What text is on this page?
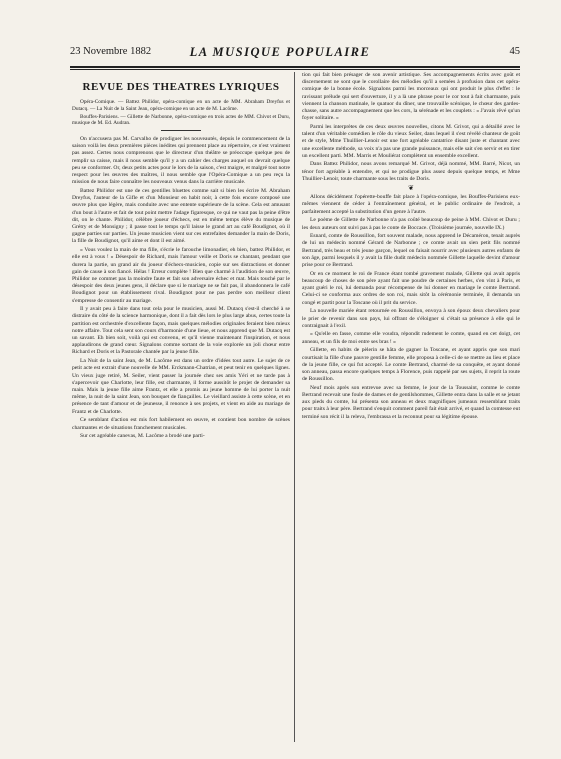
23 Novembre 1882	LA MUSIQUE POPULAIRE	45
REVUE DES THEATRES LYRIQUES

Opéra-Comique. — Battez Philidor, opéra-comique en un acte de MM. Abraham Dreyfus et Dutacq. — La Nuit de la Saint Jean, opéra-comique en un acte de M. Lacôme.

Bouffes-Parisiens. — Gillette de Narbonne, opéra-comique en trois actes de MM. Chivot et Duru, musique de M. Ed. Audran.

On n'accusera pas M. Carvalho de prodiguer les nouveautés, depuis le commencement de la saison voilà les deux premières pièces inédites qui prennent place au répertoire, ce n'est vraiment pas assez. Certes nous comprenons que le directeur d'un théâtre se préoccupe quelque peu de remplir sa caisse, mais il nous semble qu'il y a un cahier des charges auquel on devrait quelque peu se conformer. Or, deux petits actes pour le lors de la saison, c'est maigre, et malgré tout notre respect pour les œuvres des maîtres, il nous semble que l'Opéra-Comique a un peu reçu la mission de nous faire connaître les nouveaux venus dans la carrière musicale.

Battez Philidor est une de ces gentilles bluettes comme sait si bien les écrire M. Abraham Dreyfus, l'auteur de la Gifle et d'un Monsieur en habit noir, à cette fois encore composé une œuvre plus que légère, mais conduite avec une entente supérieure de la scène. Cela est amusant d'un bout à l'autre et fait de tout point mettre l'adage figaresque, ce qui ne vaut pas la peine d'être dit, on le chante. Philidor, célèbre joueur d'échecs, est en même temps élève du musique de Grétry et de Monsigny ; il passe tout le temps qu'il laisse le grand art au café Boudignot, où il gagne parties sur parties. Un jeune musicien vient sur ces entrefaites demander la main de Doris, la fille de Boudignot, qu'il aime et dont il est aimé.

« Vous voulez la main de ma fille, s'écrie le farouche limonadier, eh bien, battez Philidor, et elle est à vous ! » Désespoir de Richard, mais l'amour veille et Doris se chantant, pendant que durera la partie, un grand air du joueur d'échecs-musicien, copie sur ses distractions et donner gain de cause à son fiancé. Hélas ! Erreur complète ! Bien que charmé à l'audition de son œuvre, Philidor ne commet pas la moindre faute et fait son adversaire échec et mat. Mais touché par le désespoir des deux jeunes gens, il déclare que si le mariage ne se fait pas, il abandonnera le café Boudignot pour un établissement rival. Boudignot pour ne pas perdre son meilleur client s'empresse de consentir au mariage.

Il y avait peu à faire dans tout cela pour le musicien, aussi M. Dutacq s'est-il cherché à se distraire du côté de la science harmonique, dont il a fait dès lors le plus large abus, certes toute la partition est orchestrée d'excellente façon, mais quelques mélodies originales feraient bien mieux notre affaire. Tout cela sent son cours d'harmonie d'une lieue, et nous apprend que M. Dutacq est un savant. Eh bien soit, voilà qui est convenu, et qu'il vienne maintenant l'inspiration, et nous applaudirons de grand cœur. Signalons comme sortant de la voie explorée un joli chœur entre Richard et Doris et la Pastorale chantée par la jeune fille.

La Nuit de la saint Jean, de M. Lacôme est dans un ordre d'idées tout autre. Le sujet de ce petit acte est extrait d'une nouvelle de MM. Erckmann-Chatrian, et peut tenir en quelques lignes. Un vieux juge retiré, M. Seiler, vient passer la journée chez ses amis Yéri et ne tarde pas à s'apercevoir que Charlotte, leur fille, est charmante, il forme aussitôt le projet de demander sa main. Mais la jeune fille aime Frantz, et elle a promis au jeune homme de lui porter la nuit même, la nuit de la saint Jean, son bouquet de fiançailles. Le vieillard assiste à cette scène, et en présence de tant d'amour et de jeunesse, il renonce à ses projets, et vient en aide au mariage de Frantz et de Charlotte.

Ce semblant d'action est mis fort habilement en œuvre, et contient bon nombre de scènes charmantes et de situations franchement musicales.

Sur cet agréable canevas, M. Lacôme a brodé une parti-

tion qui fait bien présager de son avenir artistique. Ses accompagnements écrits avec goût et discernement ne sont que le corollaire des mélodies qu'il a semées à profusion dans cet opéra-comique de la bonne école. Signalons parmi les morceaux qui ont produit le plus d'effet : le ravissant prélude qui sert d'ouverture, il y a là une phrase pour le cor tout à fait charmante, puis viennent la chanson matinale, le quatuor du dîner, une trouvaille scénique, le chœur des gardes-chasse, sans autre accompagnement que les cors, la sérénade et les couplets : « J'avais rêvé qu'un foyer solitaire. »

Parmi les interprètes de ces deux œuvres nouvelles, citons M. Grivot, qui a détaillé avec le talent d'un véritable comédien le rôle du vieux Seiler, dans lequel il s'est révélé chanteur de goût et de style, Mme Thuillier-Lenoir est une fort agréable cantatrice disant juste et chantant avec une excellente méthode, sa voix n'a pas une grande puissance, mais elle sait s'en servir et en tirer un excellent parti. MM. Marris et Mouliérat complètent un ensemble excellent.

Dans Battez Philidor, nous avons remarqué M. Grivot, déjà nommé, MM. Barré, Nicot, un ténor fort agréable à entendre, et qui ne prodigue plus assez depuis quelque temps, et Mme Thuillier-Lenoir, toute charmante sous les traits de Doris.

❦

Allons décidément l'opérette-bouffe fait place à l'opéra-comique, les Bouffes-Parisiens eux-mêmes viennent de céder à l'entraînement général, et le public ordinaire de l'endroit, a parfaitement accepté la substitution d'un genre à l'autre.

Le poème de Gillette de Narbonne n'a pas coûté beaucoup de peine à MM. Chivot et Duru ; les deux auteurs ont suivi pas à pas le conte de Boccace. (Troisième journée, nouvelle IX.)

Esnard, comte de Roussillon, fort souvent malade, nous apprend le Décaméron, tenait auprès de lui un médecin nommé Gérard de Narbonne ; ce comte avait un sien petit fils nommé Bertrand, très beau et très jeune garçon, lequel on faisait nourrir avec plusieurs autres enfants de son âge, parmi lesquels il y avait la fille dudit médecin nommée Gillette laquelle devint d'amour prise pour ce Bertrand.

Or en ce moment le roi de France étant tombé gravement malade, Gillette qui avait appris beaucoup de choses de son père ayant fait une poudre de certaines herbes, s'en vint à Paris, et ayant guéri le roi, lui demanda pour récompense de lui donner en mariage le comte Bertrand. Celui-ci se conforma aux ordres de son roi, mais sitôt la cérémonie terminée, il demanda un congé et partit pour la Toscane où il prit du service.

La nouvelle mariée étant retournée en Roussillon, envoya à son époux deux chevaliers pour le prier de revenir dans son pays, lui offrant de s'éloigner si c'était sa présence à elle qui le contraignait à l'exil.

« Qu'elle en fasse, comme elle voudra, répondit rudement le comte, quand en cet doigt, cet anneau, et un fils de moi entre ses bras ! »

Gillette, en habits de pèlerin se hâta de gagner la Toscane, et ayant appris que son mari courtisait la fille d'une pauvre gentille femme, elle proposa à celle-ci de se mettre au lieu et place de la jeune fille, ce qui fut accepté. Le comte Bertrand, charmé de sa conquête, et ayant donné son anneau, passa encore quelques temps à Florence, puis rappelé par ses sujets, il reprit la route de Roussillon.

Neuf mois après son entrevue avec sa femme, le jour de la Toussaint, comme le comte Bertrand recevait une foule de dames et de gentilshommes, Gillette entra dans la salle et se jetant aux pieds du comte, lui présenta son anneau et deux magnifiques jumeaux ressemblant traits pour traits à leur père. Bertrand s'enquit comment pareil fait était arrivé, et quand la comtesse eut terminé son récit il la releva, l'embrassa et la reconnut pour sa légitime épouse.
